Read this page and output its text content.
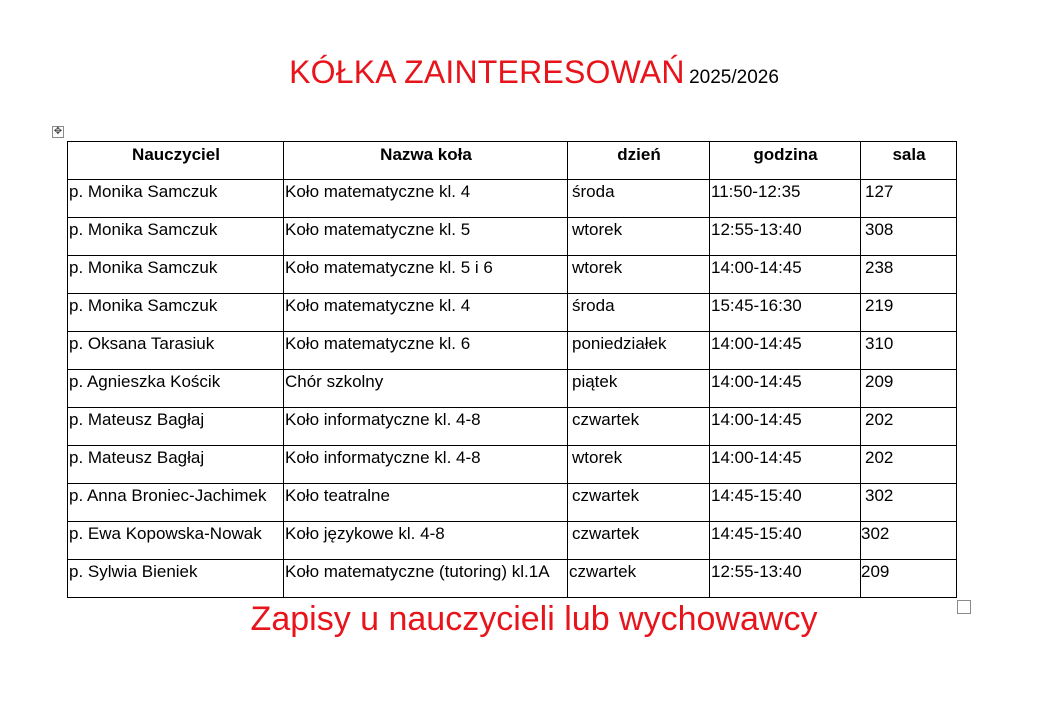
KÓŁKA ZAINTERESOWAŃ 2025/2026
✥
Nauczyciel	Nazwa koła	dzień	godzina	sala
p. Monika Samczuk	Koło matematyczne kl. 4	środa	11:50-12:35	127
p. Monika Samczuk	Koło matematyczne kl. 5	wtorek	12:55-13:40	308
p. Monika Samczuk	Koło matematyczne kl. 5 i 6	wtorek	14:00-14:45	238
p. Monika Samczuk	Koło matematyczne kl. 4	środa	15:45-16:30	219
p. Oksana Tarasiuk	Koło matematyczne kl. 6	poniedziałek	14:00-14:45	310
p. Agnieszka Kościk	Chór szkolny	piątek	14:00-14:45	209
p. Mateusz Bagłaj	Koło informatyczne kl. 4-8	czwartek	14:00-14:45	202
p. Mateusz Bagłaj	Koło informatyczne kl. 4-8	wtorek	14:00-14:45	202
p. Anna Broniec-Jachimek	Koło teatralne	czwartek	14:45-15:40	302
p. Ewa Kopowska-Nowak	Koło językowe kl. 4-8	czwartek	14:45-15:40	302
p. Sylwia Bieniek	Koło matematyczne (tutoring) kl.1A	czwartek	12:55-13:40	209
Zapisy u nauczycieli lub wychowawcy
